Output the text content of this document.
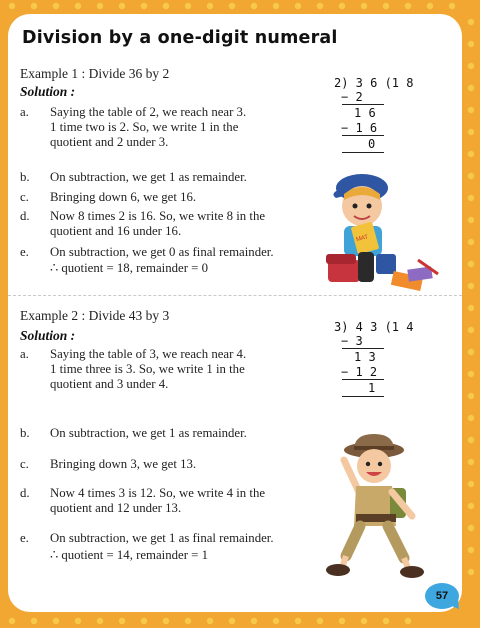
Division by a one-digit numeral
Example 1 : Divide 36 by 2
Solution :
a.	Saying the table of 2, we reach near 3. 1 time two is 2. So, we write 1 in the quotient and 2 under 3.
b.	On subtraction, we get 1 as remainder.
c.	Bringing down 6, we get 16.
d.	Now 8 times 2 is 16. So, we write 8 in the quotient and 16 under 16.
e.	On subtraction, we get 0 as final remainder.
∴ quotient = 18, remainder = 0
2) 3 6 (1 8
− 2
1 6
− 1 6
0
MAT
Example 2 : Divide 43 by 3
Solution :
a.	Saying the table of 3, we reach near 4. 1 time three is 3. So, we write 1 in the quotient and 3 under 4.
b.	On subtraction, we get 1 as remainder.
c.	Bringing down 3, we get 13.
d.	Now 4 times 3 is 12. So, we write 4 in the quotient and 12 under 13.
e.	On subtraction, we get 1 as final remainder.
∴ quotient = 14, remainder = 1
3) 4 3 (1 4
− 3
1 3
− 1 2
1
57
